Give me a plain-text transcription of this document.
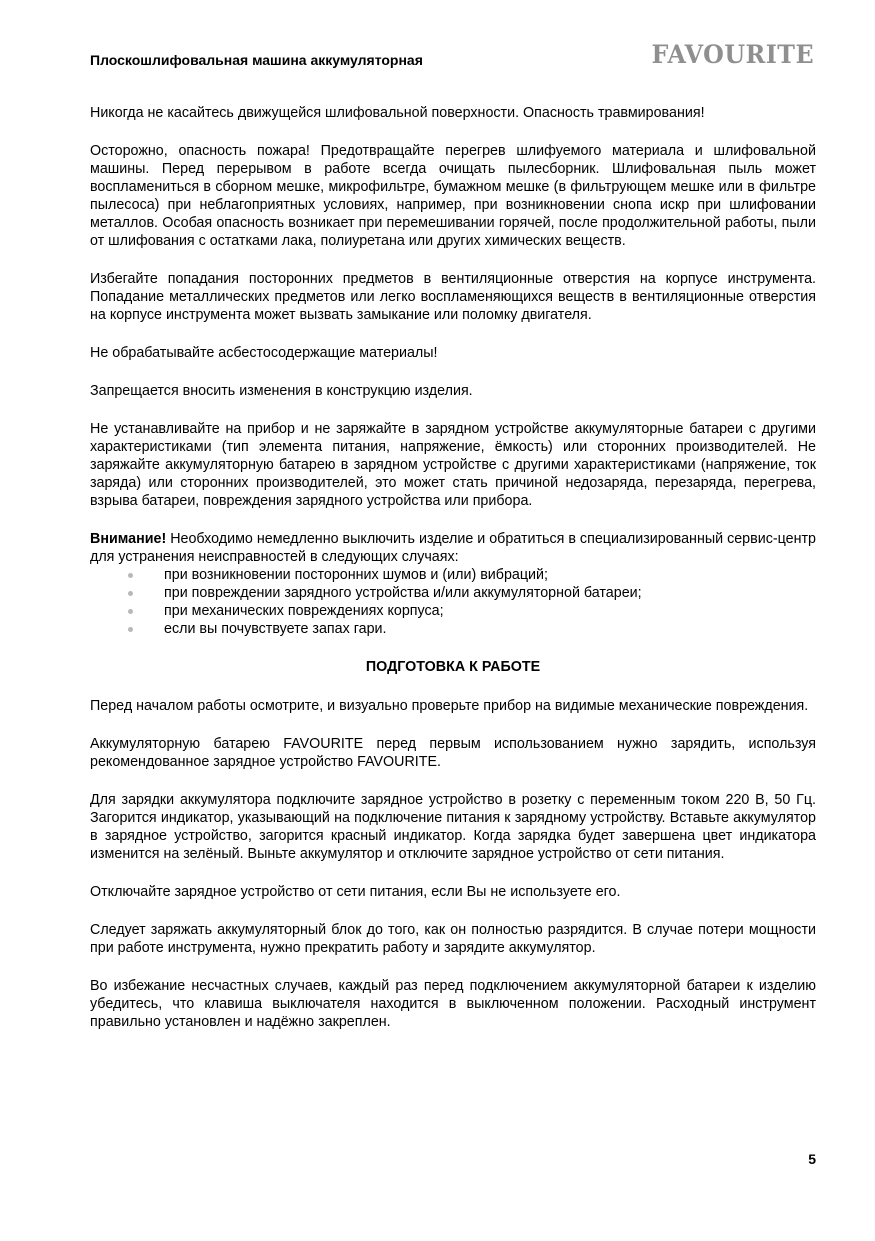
Плоскошлифовальная машина аккумуляторная	FAVOURITE

Никогда не касайтесь движущейся шлифовальной поверхности. Опасность травмирования!

Осторожно, опасность пожара! Предотвращайте перегрев шлифуемого материала и шлифовальной машины. Перед перерывом в работе всегда очищать пылесборник. Шлифовальная пыль может воспламениться в сборном мешке, микрофильтре, бумажном мешке (в фильтрующем мешке или в фильтре пылесоса) при неблагоприятных условиях, например, при возникновении снопа искр при шлифовании металлов. Особая опасность возникает при перемешивании горячей, после продолжительной работы, пыли от шлифования с остатками лака, полиуретана или других химических веществ.

Избегайте попадания посторонних предметов в вентиляционные отверстия на корпусе инструмента. Попадание металлических предметов или легко воспламеняющихся веществ в вентиляционные отверстия на корпусе инструмента может вызвать замыкание или поломку двигателя.

Не обрабатывайте асбестосодержащие материалы!

Запрещается вносить изменения в конструкцию изделия.

Не устанавливайте на прибор и не заряжайте в зарядном устройстве аккумуляторные батареи с другими характеристиками (тип элемента питания, напряжение, ёмкость) или сторонних производителей. Не заряжайте аккумуляторную батарею в зарядном устройстве с другими характеристиками (напряжение, ток заряда) или сторонних производителей, это может стать причиной недозаряда, перезаряда, перегрева, взрыва батареи, повреждения зарядного устройства или прибора.

Внимание! Необходимо немедленно выключить изделие и обратиться в специализированный сервис-центр для устранения неисправностей в следующих случаях:

при возникновении посторонних шумов и (или) вибраций;
при повреждении зарядного устройства и/или аккумуляторной батареи;
при механических повреждениях корпуса;
если вы почувствуете запах гари.
ПОДГОТОВКА К РАБОТЕ

Перед началом работы осмотрите, и визуально проверьте прибор на видимые механические повреждения.

Аккумуляторную батарею FAVOURITE перед первым использованием нужно зарядить, используя рекомендованное зарядное устройство FAVOURITE.

Для зарядки аккумулятора подключите зарядное устройство в розетку с переменным током 220 В, 50 Гц. Загорится индикатор, указывающий на подключение питания к зарядному устройству. Вставьте аккумулятор в зарядное устройство, загорится красный индикатор. Когда зарядка будет завершена цвет индикатора изменится на зелёный. Выньте аккумулятор и отключите зарядное устройство от сети питания.

Отключайте зарядное устройство от сети питания, если Вы не используете его.

Следует заряжать аккумуляторный блок до того, как он полностью разрядится. В случае потери мощности при работе инструмента, нужно прекратить работу и зарядите аккумулятор.

Во избежание несчастных случаев, каждый раз перед подключением аккумуляторной батареи к изделию убедитесь, что клавиша выключателя находится в выключенном положении. Расходный инструмент правильно установлен и надёжно закреплен.

5
